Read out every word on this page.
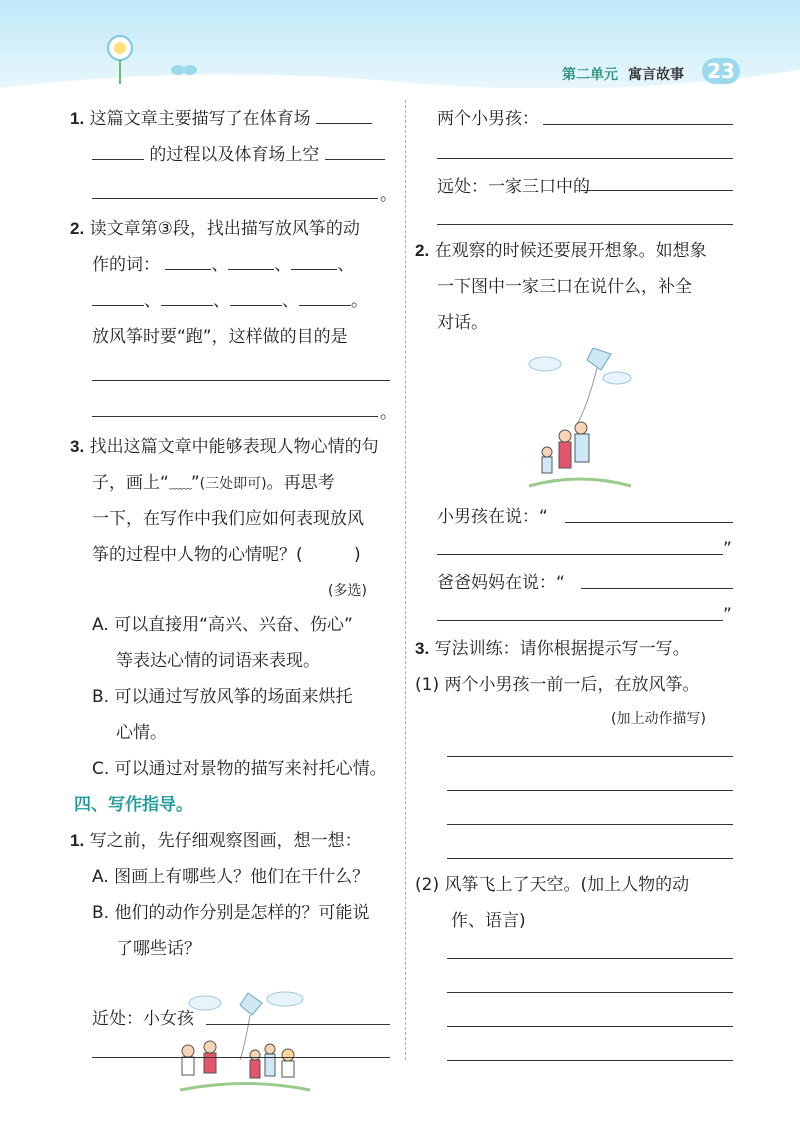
第二单元 寓言故事 23
1. 这篇文章主要描写了在体育场
的过程以及体育场上空
。
2. 读文章第③段，找出描写放风筝的动
作的词：	、	、	、
、	、	、	。
放风筝时要“跑”，这样做的目的是
。
3. 找出这篇文章中能够表现人物心情的句
子，画上“﹏﹏”(三处即可)。再思考
一下，在写作中我们应如何表现放风
筝的过程中人物的心情呢？(	)
(多选)
A. 可以直接用“高兴、兴奋、伤心”
等表达心情的词语来表现。
B. 可以通过写放风筝的场面来烘托
心情。
C. 可以通过对景物的描写来衬托心情。
四、写作指导。
1. 写之前，先仔细观察图画，想一想：
A. 图画上有哪些人？他们在干什么？
B. 他们的动作分别是怎样的？可能说
了哪些话？
近处：小女孩
两个小男孩：
远处：一家三口中的
2. 在观察的时候还要展开想象。如想象
一下图中一家三口在说什么，补全
对话。
小男孩在说：“
”
爸爸妈妈在说：“
”
3. 写法训练：请你根据提示写一写。
(1) 两个小男孩一前一后，在放风筝。
(加上动作描写)
(2) 风筝飞上了天空。(加上人物的动
作、语言)
